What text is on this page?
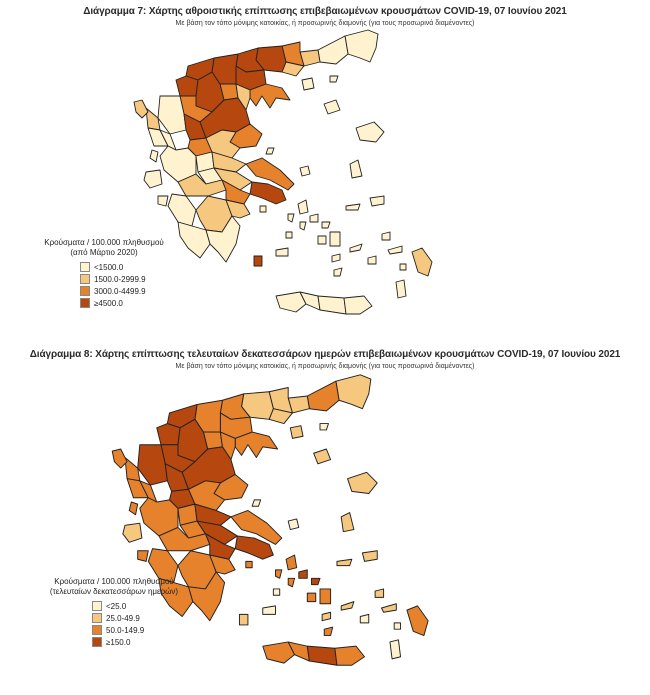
Διάγραμμα 7: Χάρτης αθροιστικής επίπτωσης επιβεβαιωμένων κρουσμάτων COVID-19, 07 Ιουνίου 2021
Με βάση τον τόπο μόνιμης κατοικίας, ή προσωρινής διαμονής (για τους προσωρινά διαμένοντες)
Κρούσματα / 100.000 πληθυσμού
(από Μάρτιο 2020)
<1500.0
1500.0-2999.9
3000.0-4499.9
≥4500.0
Διάγραμμα 8: Χάρτης επίπτωσης τελευταίων δεκατεσσάρων ημερών επιβεβαιωμένων κρουσμάτων COVID-19, 07 Ιουνίου 2021
Με βάση τον τόπο μόνιμης κατοικίας, ή προσωρινής διαμονής (για τους προσωρινά διαμένοντες)
Κρούσματα / 100.000 πληθυσμού
(τελευταίων δεκατεσσάρων ημερών)
<25.0
25.0-49.9
50.0-149.9
≥150.0
